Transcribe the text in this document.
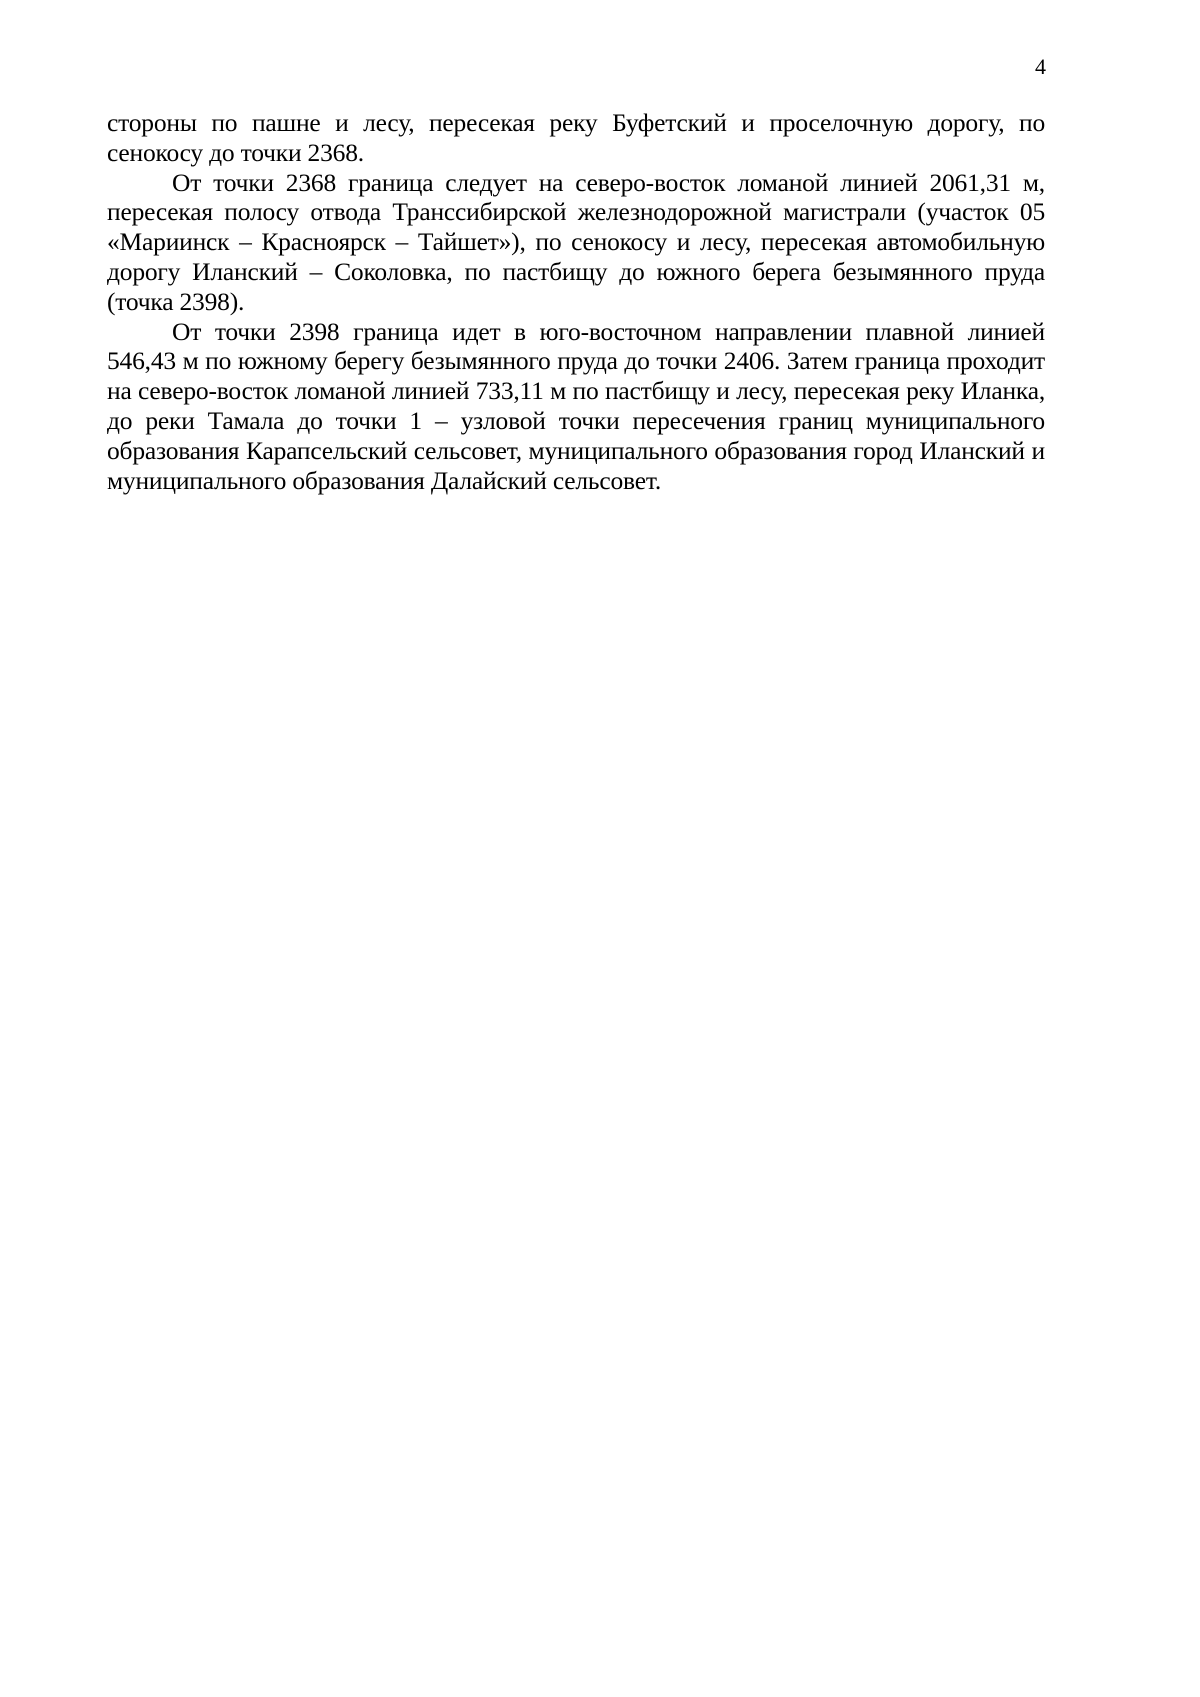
4

стороны по пашне и лесу, пересекая реку Буфетский и проселочную дорогу, по сенокосу до точки 2368.

От точки 2368 граница следует на северо-восток ломаной линией 2061,31 м, пересекая полосу отвода Транссибирской железнодорожной магистрали (участок 05 «Мариинск – Красноярск – Тайшет»), по сенокосу и лесу, пересекая автомобильную дорогу Иланский – Соколовка, по пастбищу до южного берега безымянного пруда (точка 2398).

От точки 2398 граница идет в юго-восточном направлении плавной линией 546,43 м по южному берегу безымянного пруда до точки 2406. Затем граница проходит на северо-восток ломаной линией 733,11 м по пастбищу и лесу, пересекая реку Иланка, до реки Тамала до точки 1 – узловой точки пересечения границ муниципального образования Карапсельский сельсовет, муниципального образования город Иланский и муниципального образования Далайский сельсовет.
